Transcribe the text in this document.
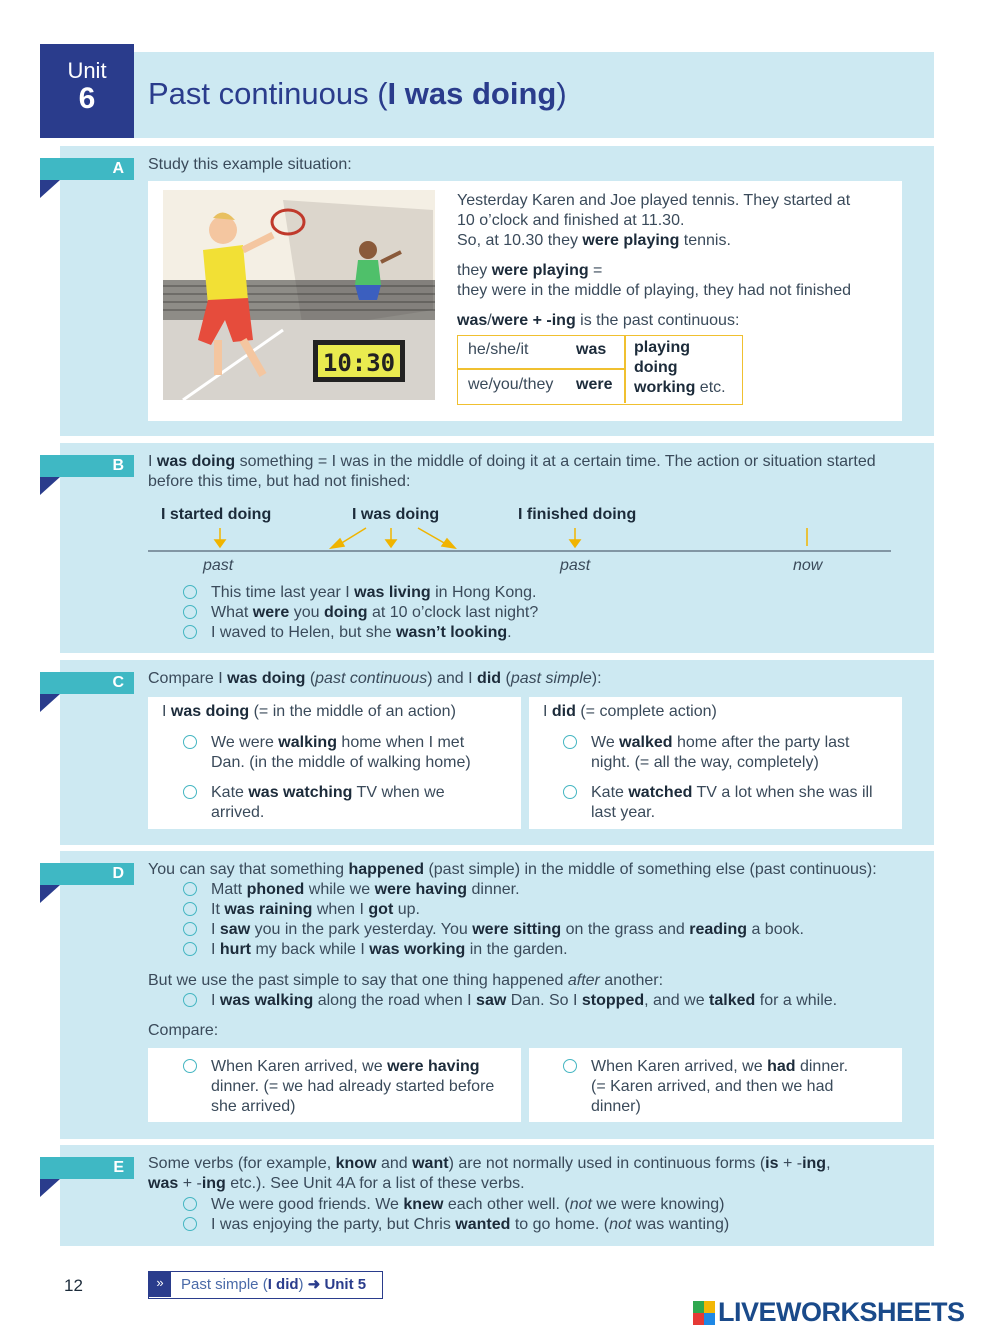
Unit
6	Past continuous (I was doing)
A	Study this example situation:
10:30
Yesterday Karen and Joe played tennis. They started at
10 o’clock and finished at 11.30.
So, at 10.30 they were playing tennis.
they were playing =
they were in the middle of playing, they had not finished
was/were + -ing is the past continuous:
he/she/it	was
we/you/they were
playing
doing
working etc.
B	I was doing something = I was in the middle of doing it at a certain time. The action or situation started
before this time, but had not finished:
I started doing	I was doing	I finished doing
past	past	now
This time last year I was living in Hong Kong.
What were you doing at 10 o’clock last night?
I waved to Helen, but she wasn’t looking.
C	Compare I was doing (past continuous) and I did (past simple):
I was doing (= in the middle of an action)
We were walking home when I met
Dan. (in the middle of walking home)
Kate was watching TV when we
arrived.
I did (= complete action)
We walked home after the party last
night. (= all the way, completely)
Kate watched TV a lot when she was ill
last year.
D	You can say that something happened (past simple) in the middle of something else (past continuous):
Matt phoned while we were having dinner.
It was raining when I got up.
I saw you in the park yesterday. You were sitting on the grass and reading a book.
I hurt my back while I was working in the garden.
But we use the past simple to say that one thing happened after another:
I was walking along the road when I saw Dan. So I stopped, and we talked for a while.
Compare:
When Karen arrived, we were having
dinner. (= we had already started before
she arrived)
When Karen arrived, we had dinner.
(= Karen arrived, and then we had
dinner)
E	Some verbs (for example, know and want) are not normally used in continuous forms (is + -ing,
was + -ing etc.). See Unit 4A for a list of these verbs.
We were good friends. We knew each other well. (not we were knowing)
I was enjoying the party, but Chris wanted to go home. (not was wanting)
12	»	Past simple (I did) ➜ Unit 5
LIVEWORKSHEETS
